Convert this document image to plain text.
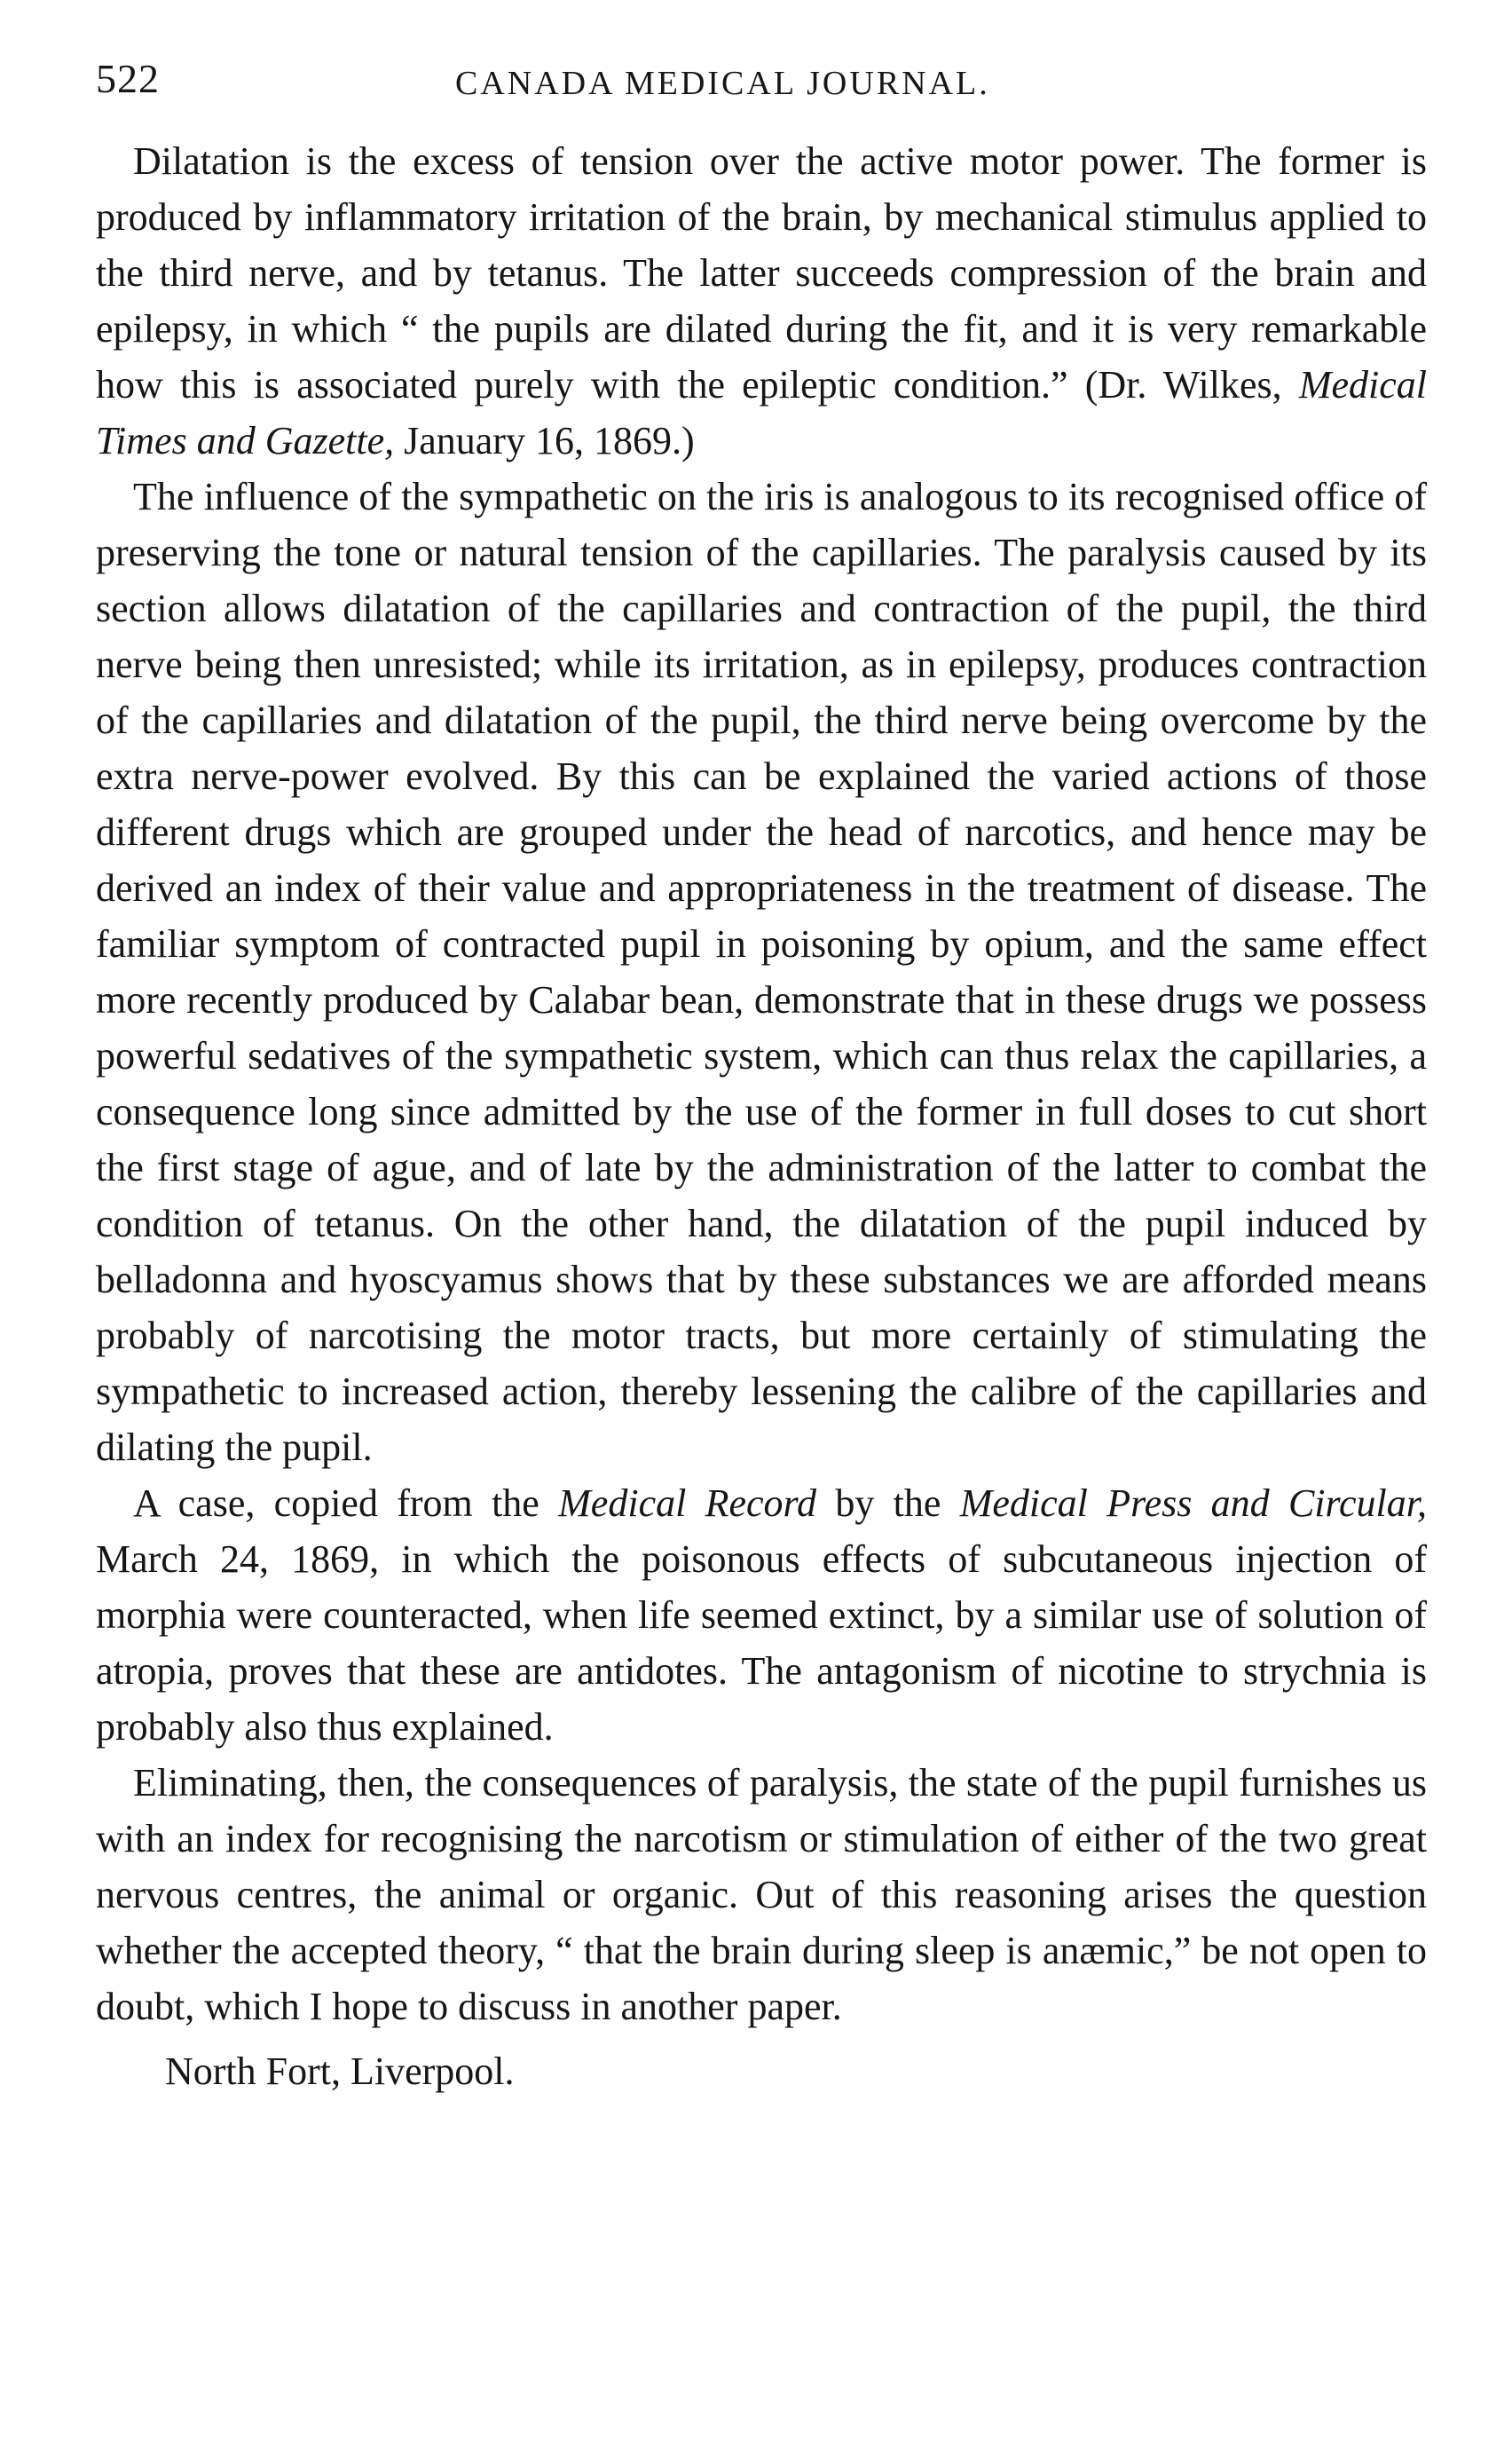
522	CANADA MEDICAL JOURNAL.

Dilatation is the excess of tension over the active motor power. The former is produced by inflammatory irritation of the brain, by mechanical stimulus applied to the third nerve, and by tetanus. The latter succeeds compression of the brain and epilepsy, in which “ the pupils are dilated during the fit, and it is very remarkable how this is associated purely with the epileptic condition.” (Dr. Wilkes, Medical Times and Gazette, January 16, 1869.)

The influence of the sympathetic on the iris is analogous to its recognised office of preserving the tone or natural tension of the capillaries. The paralysis caused by its section allows dilatation of the capillaries and contraction of the pupil, the third nerve being then unresisted; while its irritation, as in epilepsy, produces contraction of the capillaries and dilatation of the pupil, the third nerve being overcome by the extra nerve-power evolved. By this can be explained the varied actions of those different drugs which are grouped under the head of narcotics, and hence may be derived an index of their value and appropriateness in the treatment of disease. The familiar symptom of contracted pupil in poisoning by opium, and the same effect more recently produced by Calabar bean, demonstrate that in these drugs we possess powerful sedatives of the sympathetic system, which can thus relax the capillaries, a consequence long since admitted by the use of the former in full doses to cut short the first stage of ague, and of late by the administration of the latter to combat the condition of tetanus. On the other hand, the dilatation of the pupil induced by belladonna and hyoscyamus shows that by these substances we are afforded means probably of narcotising the motor tracts, but more certainly of stimulating the sympathetic to increased action, thereby lessening the calibre of the capillaries and dilating the pupil.

A case, copied from the Medical Record by the Medical Press and Circular, March 24, 1869, in which the poisonous effects of subcutaneous injection of morphia were counteracted, when life seemed extinct, by a similar use of solution of atropia, proves that these are antidotes. The antagonism of nicotine to strychnia is probably also thus explained.

Eliminating, then, the consequences of paralysis, the state of the pupil furnishes us with an index for recognising the narcotism or stimulation of either of the two great nervous centres, the animal or organic. Out of this reasoning arises the question whether the accepted theory, “ that the brain during sleep is anæmic,” be not open to doubt, which I hope to discuss in another paper.

North Fort, Liverpool.
